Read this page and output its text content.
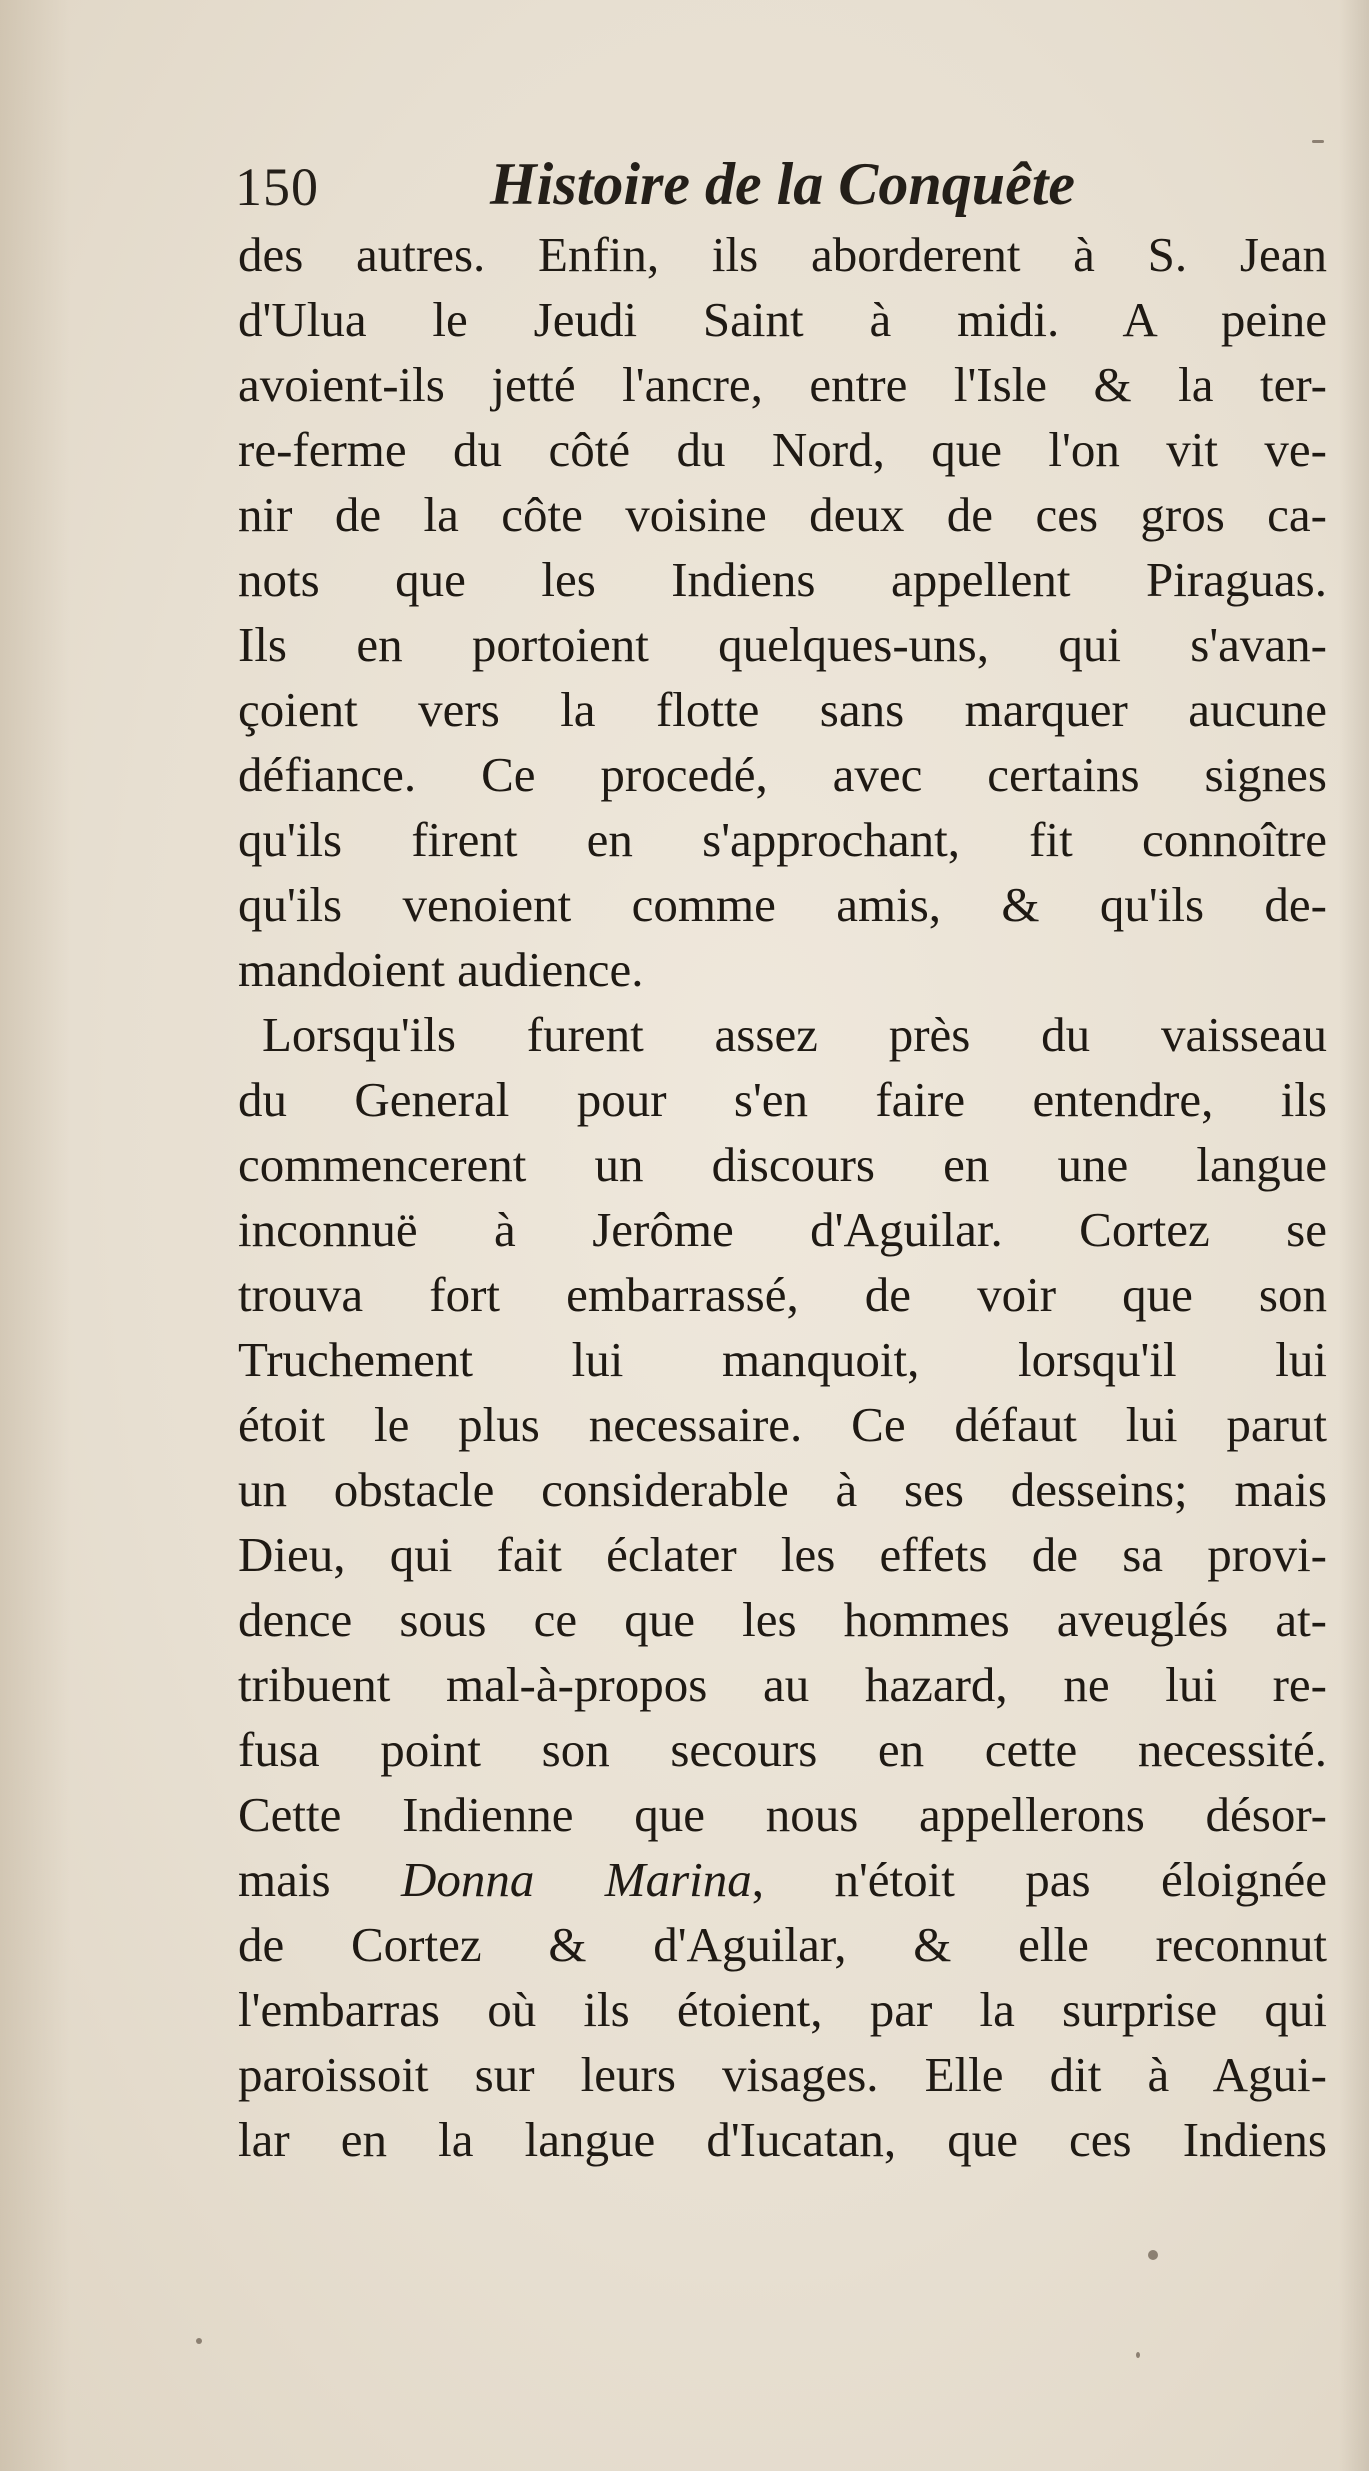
150	Histoire de la Conquête
des autres. Enfin, ils aborderent à S. Jean
d'Ulua le Jeudi Saint à midi. A peine
avoient-ils jetté l'ancre, entre l'Isle & la ter-
re-ferme du côté du Nord, que l'on vit ve-
nir de la côte voisine deux de ces gros ca-
nots que les Indiens appellent Piraguas.
Ils en portoient quelques-uns, qui s'avan-
çoient vers la flotte sans marquer aucune
défiance. Ce procedé, avec certains signes
qu'ils firent en s'approchant, fit connoître
qu'ils venoient comme amis, & qu'ils de-
mandoient audience.
Lorsqu'ils furent assez près du vaisseau
du General pour s'en faire entendre, ils
commencerent un discours en une langue
inconnuë à Jerôme d'Aguilar. Cortez se
trouva fort embarrassé, de voir que son
Truchement lui manquoit, lorsqu'il lui
étoit le plus necessaire. Ce défaut lui parut
un obstacle considerable à ses desseins; mais
Dieu, qui fait éclater les effets de sa provi-
dence sous ce que les hommes aveuglés at-
tribuent mal-à-propos au hazard, ne lui re-
fusa point son secours en cette necessité.
Cette Indienne que nous appellerons désor-
mais Donna Marina, n'étoit pas éloignée
de Cortez & d'Aguilar, & elle reconnut
l'embarras où ils étoient, par la surprise qui
paroissoit sur leurs visages. Elle dit à Agui-
lar en la langue d'Iucatan, que ces Indiens
